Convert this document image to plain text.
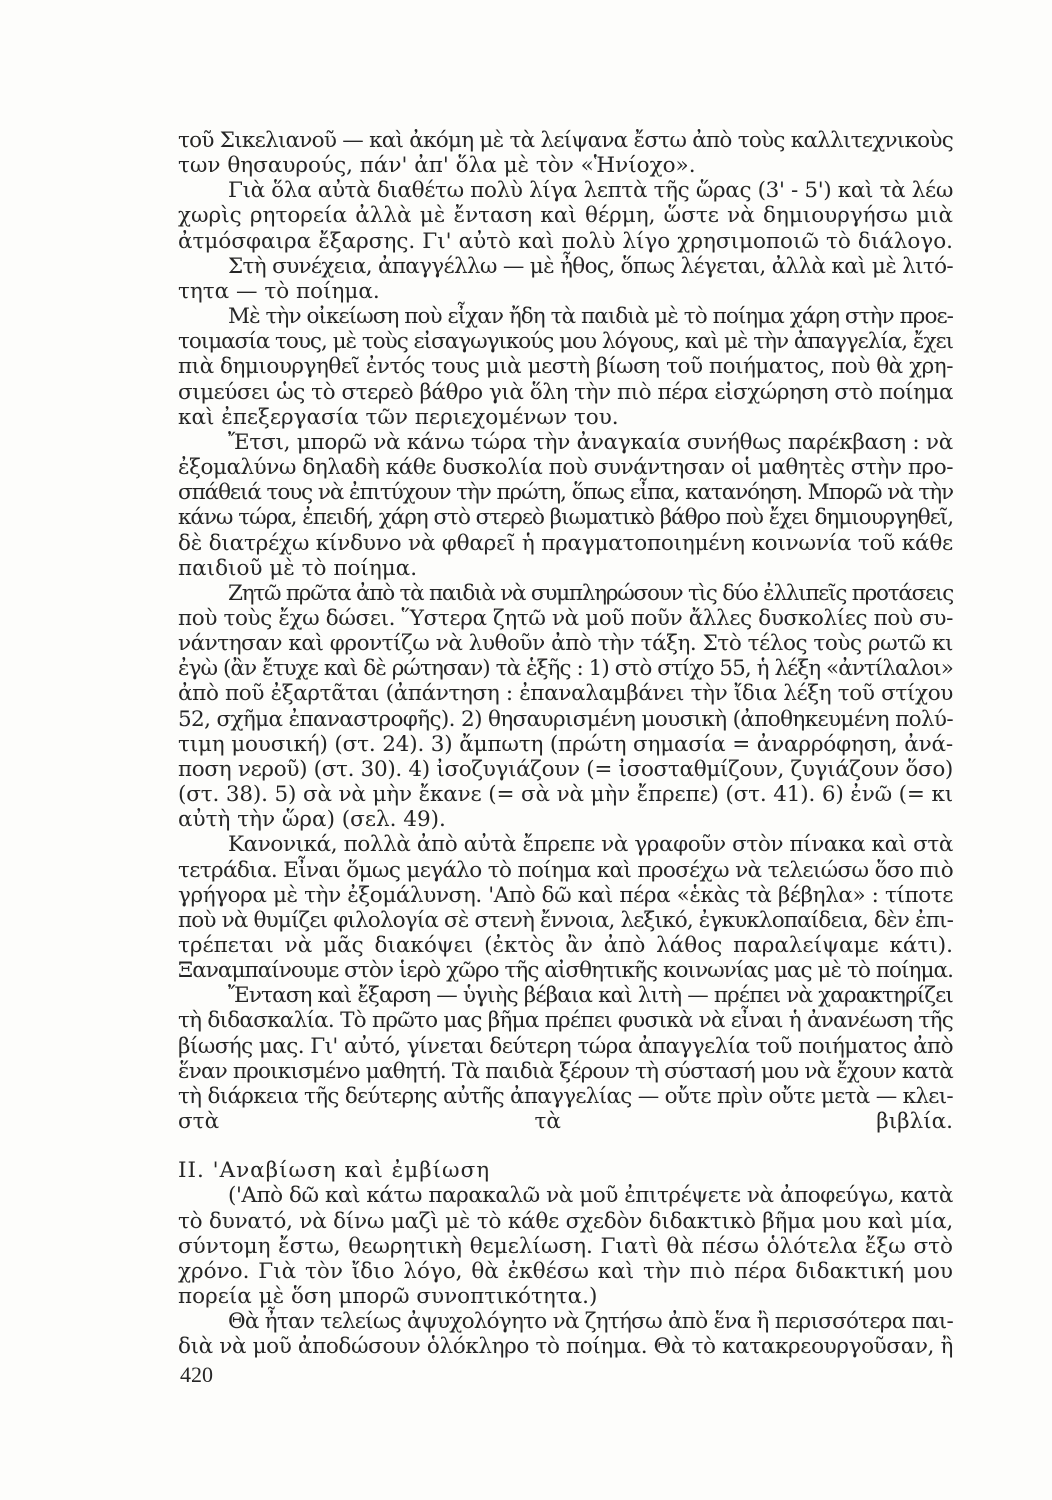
τοῦ Σικελιανοῦ — καὶ ἀκόμη μὲ τὰ λείψανα ἔστω ἀπὸ τοὺς καλλιτεχνικοὺς
των θησαυρούς, πάν' ἀπ' ὅλα μὲ τὸν «Ἡνίοχο».
Γιὰ ὅλα αὐτὰ διαθέτω πολὺ λίγα λεπτὰ τῆς ὥρας (3' - 5') καὶ τὰ λέω
χωρὶς ρητορεία ἀλλὰ μὲ ἔνταση καὶ θέρμη, ὥστε νὰ δημιουργήσω μιὰ
ἀτμόσφαιρα ἔξαρσης. Γι' αὐτὸ καὶ πολὺ λίγο χρησιμοποιῶ τὸ διάλογο.
Στὴ συνέχεια, ἀπαγγέλλω — μὲ ἦθος, ὅπως λέγεται, ἀλλὰ καὶ μὲ λιτό-
τητα — τὸ ποίημα.
Μὲ τὴν οἰκείωση ποὺ εἶχαν ἤδη τὰ παιδιὰ μὲ τὸ ποίημα χάρη στὴν προε-
τοιμασία τους, μὲ τοὺς εἰσαγωγικούς μου λόγους, καὶ μὲ τὴν ἀπαγγελία, ἔχει
πιὰ δημιουργηθεῖ ἐντός τους μιὰ μεστὴ βίωση τοῦ ποιήματος, ποὺ θὰ χρη-
σιμεύσει ὡς τὸ στερεὸ βάθρο γιὰ ὅλη τὴν πιὸ πέρα εἰσχώρηση στὸ ποίημα
καὶ ἐπεξεργασία τῶν περιεχομένων του.
Ἔτσι, μπορῶ νὰ κάνω τώρα τὴν ἀναγκαία συνήθως παρέκβαση : νὰ
ἐξομαλύνω δηλαδὴ κάθε δυσκολία ποὺ συνάντησαν οἱ μαθητὲς στὴν προ-
σπάθειά τους νὰ ἐπιτύχουν τὴν πρώτη, ὅπως εἶπα, κατανόηση. Μπορῶ νὰ τὴν
κάνω τώρα, ἐπειδή, χάρη στὸ στερεὸ βιωματικὸ βάθρο ποὺ ἔχει δημιουργηθεῖ,
δὲ διατρέχω κίνδυνο νὰ φθαρεῖ ἡ πραγματοποιημένη κοινωνία τοῦ κάθε
παιδιοῦ μὲ τὸ ποίημα.
Ζητῶ πρῶτα ἀπὸ τὰ παιδιὰ νὰ συμπληρώσουν τὶς δύο ἐλλιπεῖς προτάσεις
ποὺ τοὺς ἔχω δώσει. Ὕστερα ζητῶ νὰ μοῦ ποῦν ἄλλες δυσκολίες ποὺ συ-
νάντησαν καὶ φροντίζω νὰ λυθοῦν ἀπὸ τὴν τάξη. Στὸ τέλος τοὺς ρωτῶ κι
ἐγὼ (ἂν ἔτυχε καὶ δὲ ρώτησαν) τὰ ἑξῆς : 1) στὸ στίχο 55, ἡ λέξη «ἀντίλαλοι»
ἀπὸ ποῦ ἐξαρτᾶται (ἀπάντηση : ἐπαναλαμβάνει τὴν ἴδια λέξη τοῦ στίχου
52, σχῆμα ἐπαναστροφῆς). 2) θησαυρισμένη μουσικὴ (ἀποθηκευμένη πολύ-
τιμη μουσική) (στ. 24). 3) ἄμπωτη (πρώτη σημασία = ἀναρρόφηση, ἀνά-
ποση νεροῦ) (στ. 30). 4) ἰσοζυγιάζουν (= ἰσοσταθμίζουν, ζυγιάζουν ὅσο)
(στ. 38). 5) σὰ νὰ μὴν ἔκανε (= σὰ νὰ μὴν ἔπρεπε) (στ. 41). 6) ἐνῶ (= κι
αὐτὴ τὴν ὥρα) (σελ. 49).
Κανονικά, πολλὰ ἀπὸ αὐτὰ ἔπρεπε νὰ γραφοῦν στὸν πίνακα καὶ στὰ
τετράδια. Εἶναι ὅμως μεγάλο τὸ ποίημα καὶ προσέχω νὰ τελειώσω ὅσο πιὸ
γρήγορα μὲ τὴν ἐξομάλυνση. 'Απὸ δῶ καὶ πέρα «ἑκὰς τὰ βέβηλα» : τίποτε
ποὺ νὰ θυμίζει φιλολογία σὲ στενὴ ἔννοια, λεξικό, ἐγκυκλοπαίδεια, δὲν ἐπι-
τρέπεται νὰ μᾶς διακόψει (ἐκτὸς ἂν ἀπὸ λάθος παραλείψαμε κάτι).
Ξαναμπαίνουμε στὸν ἱερὸ χῶρο τῆς αἰσθητικῆς κοινωνίας μας μὲ τὸ ποίημα.
Ἔνταση καὶ ἔξαρση — ὑγιὴς βέβαια καὶ λιτὴ — πρέπει νὰ χαρακτηρίζει
τὴ διδασκαλία. Τὸ πρῶτο μας βῆμα πρέπει φυσικὰ νὰ εἶναι ἡ ἀνανέωση τῆς
βίωσής μας. Γι' αὐτό, γίνεται δεύτερη τώρα ἀπαγγελία τοῦ ποιήματος ἀπὸ
ἕναν προικισμένο μαθητή. Τὰ παιδιὰ ξέρουν τὴ σύστασή μου νὰ ἔχουν κατὰ
τὴ διάρκεια τῆς δεύτερης αὐτῆς ἀπαγγελίας — οὔτε πρὶν οὔτε μετὰ — κλει-
στὰ τὰ βιβλία.
II. 'Αναβίωση καὶ ἐμβίωση
('Απὸ δῶ καὶ κάτω παρακαλῶ νὰ μοῦ ἐπιτρέψετε νὰ ἀποφεύγω, κατὰ
τὸ δυνατό, νὰ δίνω μαζὶ μὲ τὸ κάθε σχεδὸν διδακτικὸ βῆμα μου καὶ μία,
σύντομη ἔστω, θεωρητικὴ θεμελίωση. Γιατὶ θὰ πέσω ὁλότελα ἔξω στὸ
χρόνο. Γιὰ τὸν ἴδιο λόγο, θὰ ἐκθέσω καὶ τὴν πιὸ πέρα διδακτική μου
πορεία μὲ ὅση μπορῶ συνοπτικότητα.)
Θὰ ἦταν τελείως ἀψυχολόγητο νὰ ζητήσω ἀπὸ ἕνα ἢ περισσότερα παι-
διὰ νὰ μοῦ ἀποδώσουν ὁλόκληρο τὸ ποίημα. Θὰ τὸ κατακρεουργοῦσαν, ἢ
420
